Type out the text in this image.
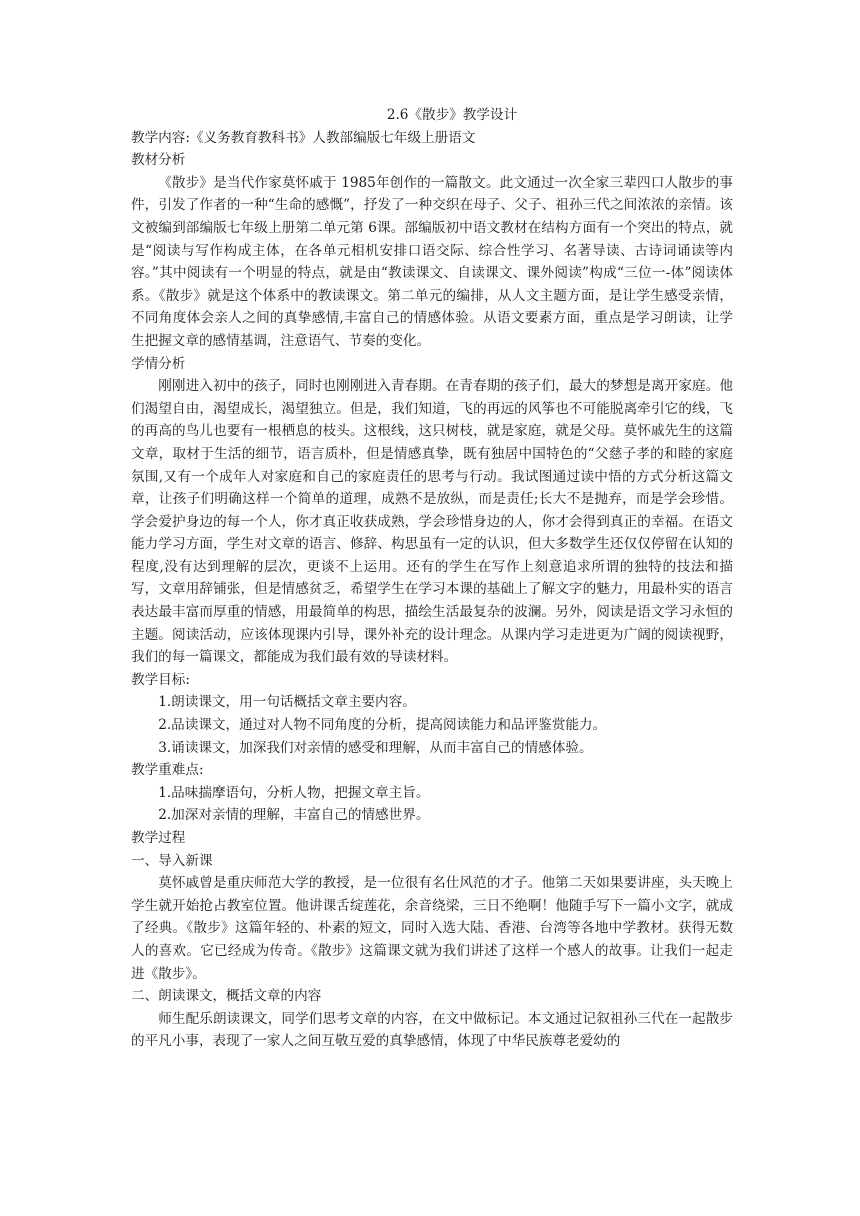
2.6《散步》教学设计
教学内容:《义务教育教科书》人教部编版七年级上册语文
教材分析
《散步》是当代作家莫怀戚于 1985年创作的一篇散文。此文通过一次全家三辈四口人散步的事件，引发了作者的一种“生命的感慨”，抒发了一种交织在母子、父子、祖孙三代之间浓浓的亲情。该文被编到部编版七年级上册第二单元第 6课。部编版初中语文教材在结构方面有一个突出的特点，就是“阅读与写作构成主体，在各单元相机安排口语交际、综合性学习、名著导读、古诗词诵读等内容。”其中阅读有一个明显的特点，就是由“教读课文、自读课文、课外阅读”构成“三位一-体”阅读体系。《散步》就是这个体系中的教读课文。第二单元的编排，从人文主题方面，是让学生感受亲情，不同角度体会亲人之间的真挚感情,丰富自己的情感体验。从语文要素方面，重点是学习朗读，让学生把握文章的感情基调，注意语气、节奏的变化。
学情分析
刚刚进入初中的孩子，同时也刚刚进入青春期。在青春期的孩子们，最大的梦想是离开家庭。他们渴望自由，渴望成长，渴望独立。但是，我们知道，飞的再远的风筝也不可能脱离牵引它的线，飞的再高的鸟儿也要有一根栖息的枝头。这根线，这只树枝，就是家庭，就是父母。莫怀戚先生的这篇文章，取材于生活的细节，语言质朴，但是情感真挚，既有独居中国特色的“父慈子孝的和睦的家庭氛围,又有一个成年人对家庭和自己的家庭责任的思考与行动。我试图通过读中悟的方式分析这篇文章，让孩子们明确这样一个简单的道理，成熟不是放纵，而是责任;长大不是抛弃，而是学会珍惜。学会爱护身边的每一个人，你才真正收获成熟，学会珍惜身边的人，你才会得到真正的幸福。在语文能力学习方面，学生对文章的语言、修辞、构思虽有一定的认识，但大多数学生还仅仅停留在认知的程度,没有达到理解的层次，更谈不上运用。还有的学生在写作上刻意追求所谓的独特的技法和描写，文章用辞铺张，但是情感贫乏，希望学生在学习本课的基础上了解文字的魅力，用最朴实的语言表达最丰富而厚重的情感，用最简单的构思，描绘生活最复杂的波澜。另外，阅读是语文学习永恒的主题。阅读活动，应该体现课内引导，课外补充的设计理念。从课内学习走进更为广阔的阅读视野，我们的每一篇课文，都能成为我们最有效的导读材料。
教学目标:
1.朗读课文，用一句话概括文章主要内容。
2.品读课文，通过对人物不同角度的分析，提高阅读能力和品评鉴赏能力。
3.诵读课文，加深我们对亲情的感受和理解，从而丰富自己的情感体验。
教学重难点:
1.品味揣摩语句，分析人物，把握文章主旨。
2.加深对亲情的理解，丰富自己的情感世界。
教学过程
一、导入新课
莫怀戚曾是重庆师范大学的教授，是一位很有名仕风范的才子。他第二天如果要讲座，头天晚上学生就开始抢占教室位置。他讲课舌绽莲花，余音绕梁，三日不绝啊！他随手写下一篇小文字，就成了经典。《散步》这篇年轻的、朴素的短文，同时入选大陆、香港、台湾等各地中学教材。获得无数人的喜欢。它已经成为传奇。《散步》这篇课文就为我们讲述了这样一个感人的故事。让我们一起走进《散步》。
二、朗读课文，概括文章的内容
师生配乐朗读课文，同学们思考文章的内容，在文中做标记。本文通过记叙祖孙三代在一起散步的平凡小事，表现了一家人之间互敬互爱的真挚感情，体现了中华民族尊老爱幼的
